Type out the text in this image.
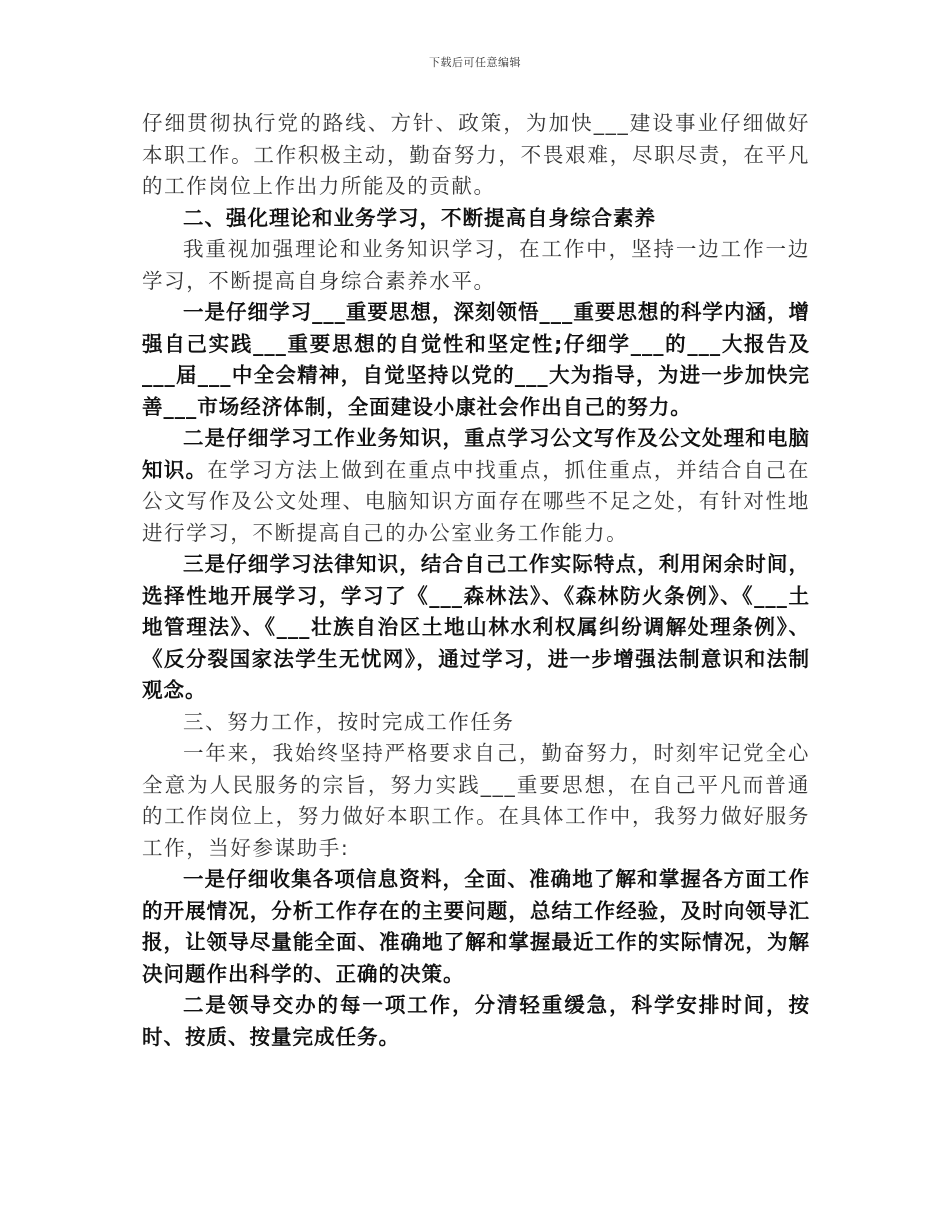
下载后可任意编辑

仔细贯彻执行党的路线、方针、政策，为加快___建设事业仔细做好本职工作。工作积极主动，勤奋努力，不畏艰难，尽职尽责，在平凡的工作岗位上作出力所能及的贡献。

二、强化理论和业务学习，不断提高自身综合素养

我重视加强理论和业务知识学习，在工作中，坚持一边工作一边学习，不断提高自身综合素养水平。

一是仔细学习___重要思想，深刻领悟___重要思想的科学内涵，增强自己实践___重要思想的自觉性和坚定性;仔细学___的___大报告及___届___中全会精神，自觉坚持以党的___大为指导，为进一步加快完善___市场经济体制，全面建设小康社会作出自己的努力。

二是仔细学习工作业务知识，重点学习公文写作及公文处理和电脑知识。在学习方法上做到在重点中找重点，抓住重点，并结合自己在公文写作及公文处理、电脑知识方面存在哪些不足之处，有针对性地进行学习，不断提高自己的办公室业务工作能力。

三是仔细学习法律知识，结合自己工作实际特点，利用闲余时间，选择性地开展学习，学习了《___森林法》、《森林防火条例》、《___土地管理法》、《___壮族自治区土地山林水利权属纠纷调解处理条例》、《反分裂国家法学生无忧网》，通过学习，进一步增强法制意识和法制观念。

三、努力工作，按时完成工作任务

一年来，我始终坚持严格要求自己，勤奋努力，时刻牢记党全心全意为人民服务的宗旨，努力实践___重要思想，在自己平凡而普通的工作岗位上，努力做好本职工作。在具体工作中，我努力做好服务工作，当好参谋助手:

一是仔细收集各项信息资料，全面、准确地了解和掌握各方面工作的开展情况，分析工作存在的主要问题，总结工作经验，及时向领导汇报，让领导尽量能全面、准确地了解和掌握最近工作的实际情况，为解决问题作出科学的、正确的决策。

二是领导交办的每一项工作，分清轻重缓急，科学安排时间，按时、按质、按量完成任务。
